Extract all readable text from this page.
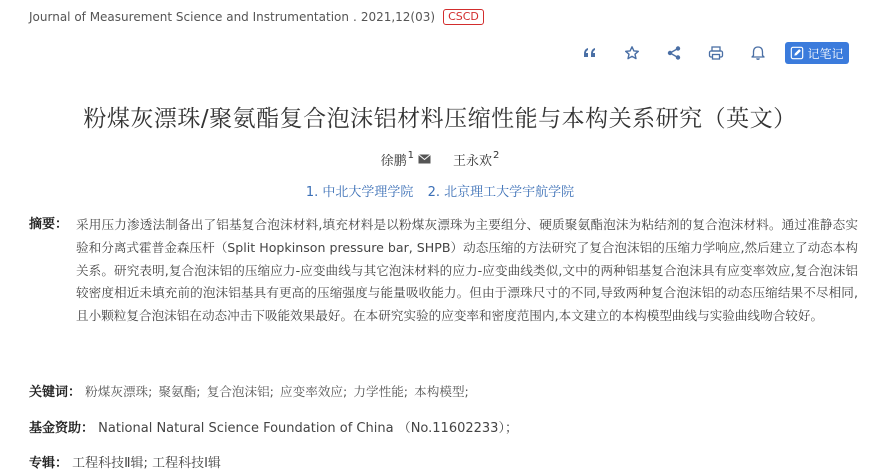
Journal of Measurement Science and Instrumentation . 2021,12(03)	CSCD
记笔记
粉煤灰漂珠/聚氨酯复合泡沫铝材料压缩性能与本构关系研究（英文）
徐鹏$^1$	王永欢$^2$
1. 中北大学理学院 2. 北京理工大学宇航学院
摘要： 采用压力渗透法制备出了铝基复合泡沫材料,填充材料是以粉煤灰漂珠为主要组分、硬质聚氨酯泡沫为粘结剂的复合泡沫材料。通过准静态实验和分离式霍普金森压杆（Split Hopkinson pressure bar, SHPB）动态压缩的方法研究了复合泡沫铝的压缩力学响应,然后建立了动态本构关系。研究表明,复合泡沫铝的压缩应力-应变曲线与其它泡沫材料的应力-应变曲线类似,文中的两种铝基复合泡沫具有应变率效应,复合泡沫铝较密度相近未填充前的泡沫铝基具有更高的压缩强度与能量吸收能力。但由于漂珠尺寸的不同,导致两种复合泡沫铝的动态压缩结果不尽相同,且小颗粒复合泡沫铝在动态冲击下吸能效果最好。在本研究实验的应变率和密度范围内,本文建立的本构模型曲线与实验曲线吻合较好。
关键词： 粉煤灰漂珠; 聚氨酯; 复合泡沫铝; 应变率效应; 力学性能; 本构模型;
基金资助： National Natural Science Foundation of China （No.11602233）；
专辑： 工程科技Ⅱ辑; 工程科技Ⅰ辑
